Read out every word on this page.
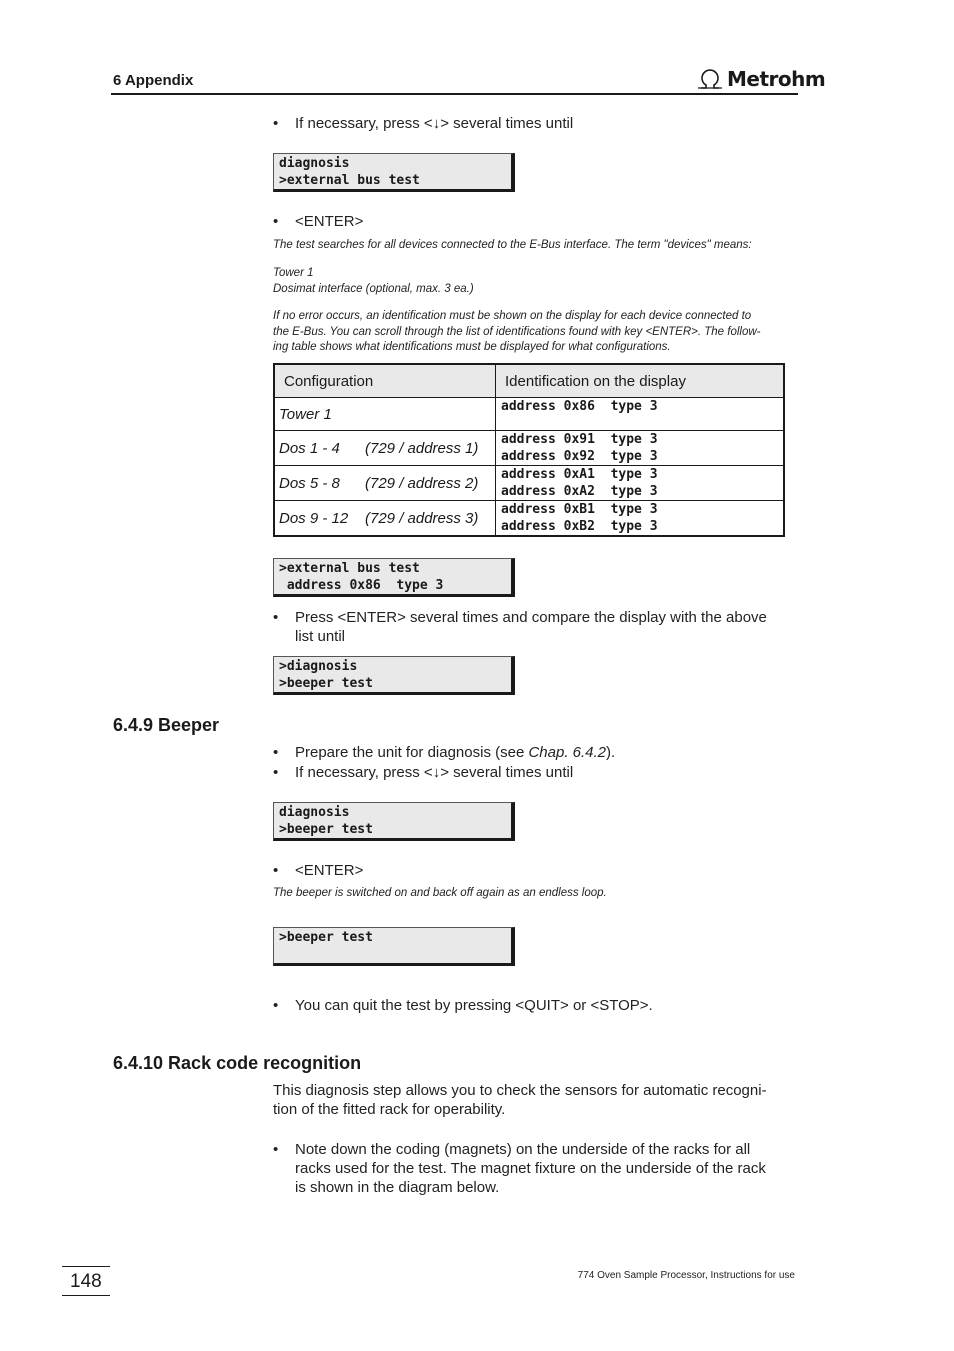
6 Appendix	Metrohm
• If necessary, press <↓> several times until
diagnosis
>external bus test
• <ENTER>
The test searches for all devices connected to the E-Bus interface. The term "devices" means:
Tower 1
Dosimat interface (optional, max. 3 ea.)
If no error occurs, an identification must be shown on the display for each device connected to
the E-Bus. You can scroll through the list of identifications found with key <ENTER>. The follow-
ing table shows what identifications must be displayed for what configurations.
Configuration	Identification on the display
Tower 1	address 0x86  type 3

Dos 1 - 4 (729 / address 1)	address 0x91  type 3
address 0x92  type 3

Dos 5 - 8 (729 / address 2)	address 0xA1  type 3
address 0xA2  type 3

Dos 9 - 12 (729 / address 3)	address 0xB1  type 3
address 0xB2  type 3
>external bus test
address 0x86  type 3
• Press <ENTER> several times and compare the display with the above
list until
>diagnosis
>beeper test
6.4.9 Beeper
• Prepare the unit for diagnosis (see Chap. 6.4.2).
• If necessary, press <↓> several times until
diagnosis
>beeper test
• <ENTER>
The beeper is switched on and back off again as an endless loop.
>beeper test
• You can quit the test by pressing <QUIT> or <STOP>.
6.4.10 Rack code recognition
This diagnosis step allows you to check the sensors for automatic recogni-
tion of the fitted rack for operability.
• Note down the coding (magnets) on the underside of the racks for all
racks used for the test. The magnet fixture on the underside of the rack
is shown in the diagram below.
148	774 Oven Sample Processor, Instructions for use
